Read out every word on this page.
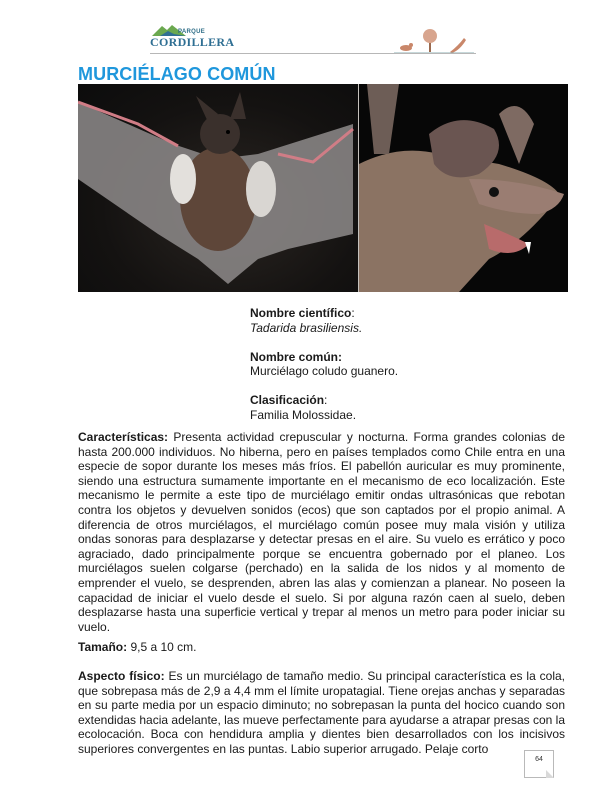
PARQUE
CORDILLERA
MURCIÉLAGO COMÚN

Nombre científico:
Tadarida brasiliensis.

Nombre común:
Murciélago coludo guanero.

Clasificación:
Familia Molossidae.

Características: Presenta actividad crepuscular y nocturna. Forma grandes colonias de hasta 200.000 individuos. No hiberna, pero en países templados como Chile entra en una especie de sopor durante los meses más fríos. El pabellón auricular es muy prominente, siendo una estructura sumamente importante en el mecanismo de eco localización. Este mecanismo le permite a este tipo de murciélago emitir ondas ultrasónicas que rebotan contra los objetos y devuelven sonidos (ecos) que son captados por el propio animal. A diferencia de otros murciélagos, el murciélago común posee muy mala visión y utiliza ondas sonoras para desplazarse y detectar presas en el aire. Su vuelo es errático y poco agraciado, dado principalmente porque se encuentra gobernado por el planeo. Los murciélagos suelen colgarse (perchado) en la salida de los nidos y al momento de emprender el vuelo, se desprenden, abren las alas y comienzan a planear. No poseen la capacidad de iniciar el vuelo desde el suelo. Si por alguna razón caen al suelo, deben desplazarse hasta una superficie vertical y trepar al menos un metro para poder iniciar su vuelo.

Tamaño: 9,5 a 10 cm.

Aspecto físico: Es un murciélago de tamaño medio. Su principal característica es la cola, que sobrepasa más de 2,9 a 4,4 mm el límite uropatagial. Tiene orejas anchas y separadas en su parte media por un espacio diminuto; no sobrepasan la punta del hocico cuando son extendidas hacia adelante, las mueve perfectamente para ayudarse a atrapar presas con la ecolocación. Boca con hendidura amplia y dientes bien desarrollados con los incisivos superiores convergentes en las puntas. Labio superior arrugado. Pelaje corto

64
